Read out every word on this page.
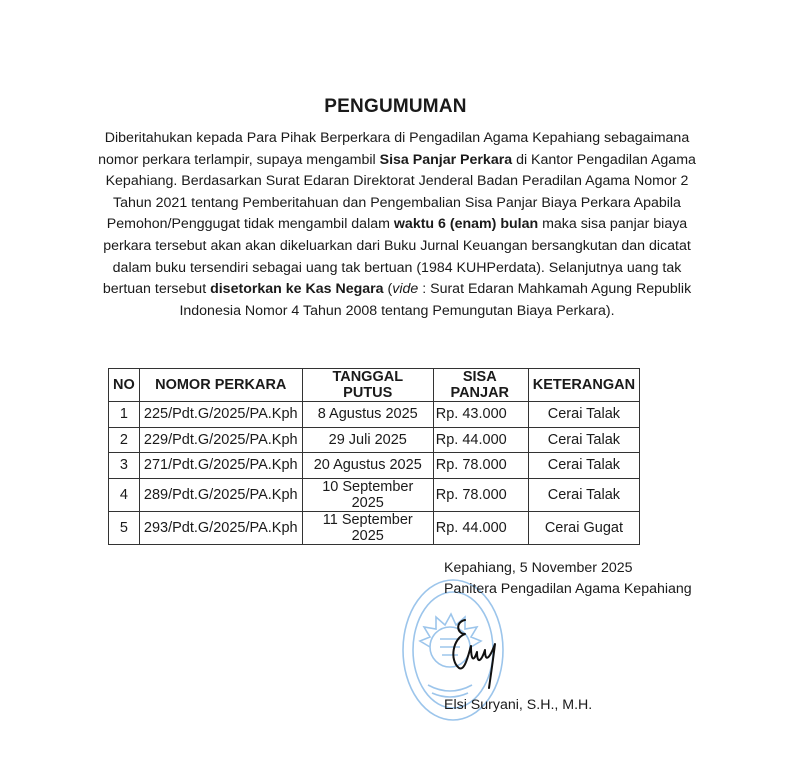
PENGUMUMAN
Diberitahukan kepada Para Pihak Berperkara di Pengadilan Agama Kepahiang sebagaimana nomor perkara terlampir, supaya mengambil Sisa Panjar Perkara di Kantor Pengadilan Agama Kepahiang. Berdasarkan Surat Edaran Direktorat Jenderal Badan Peradilan Agama Nomor 2 Tahun 2021 tentang Pemberitahuan dan Pengembalian Sisa Panjar Biaya Perkara Apabila Pemohon/Penggugat tidak mengambil dalam waktu 6 (enam) bulan maka sisa panjar biaya perkara tersebut akan akan dikeluarkan dari Buku Jurnal Keuangan bersangkutan dan dicatat dalam buku tersendiri sebagai uang tak bertuan (1984 KUHPerdata). Selanjutnya uang tak bertuan tersebut disetorkan ke Kas Negara (vide : Surat Edaran Mahkamah Agung Republik Indonesia Nomor 4 Tahun 2008 tentang Pemungutan Biaya Perkara).
NO	NOMOR PERKARA	TANGGAL PUTUS	SISA PANJAR	KETERANGAN
1	225/Pdt.G/2025/PA.Kph	8 Agustus 2025	Rp. 43.000	Cerai Talak
2	229/Pdt.G/2025/PA.Kph	29 Juli 2025	Rp. 44.000	Cerai Talak
3	271/Pdt.G/2025/PA.Kph	20 Agustus 2025	Rp. 78.000	Cerai Talak
4	289/Pdt.G/2025/PA.Kph	10 September 2025	Rp. 78.000	Cerai Talak
5	293/Pdt.G/2025/PA.Kph	11 September 2025	Rp. 44.000	Cerai Gugat
Kepahiang, 5 November 2025
Panitera Pengadilan Agama Kepahiang
Elsi Suryani, S.H., M.H.
